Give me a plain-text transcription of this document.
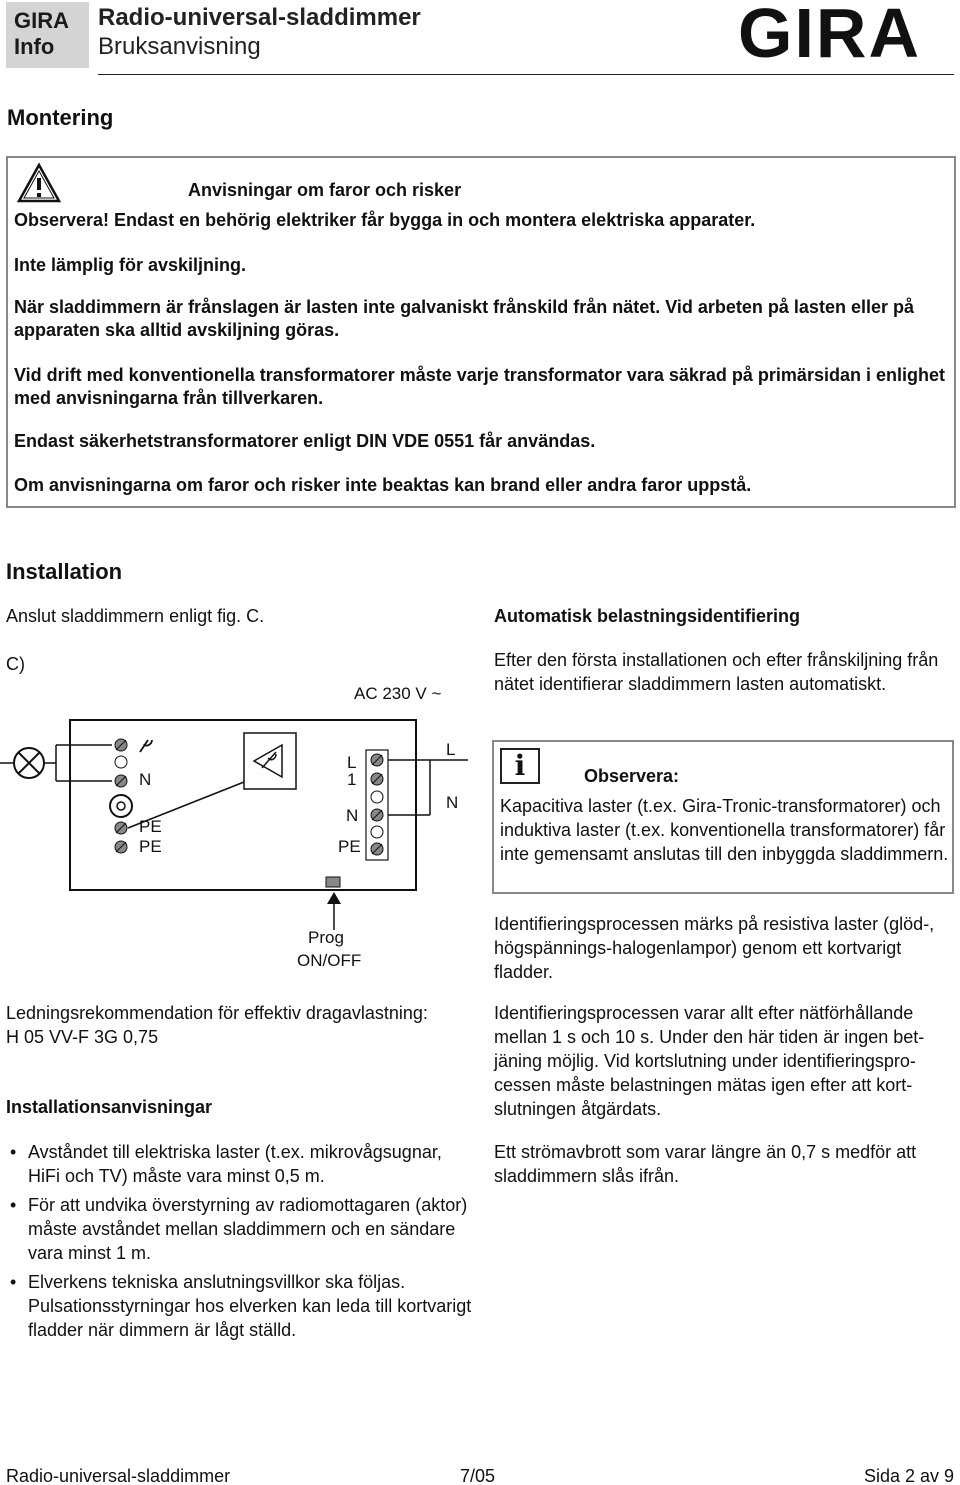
GIRA
Info
Radio-universal-sladdimmer
Bruksanvisning	GIRA
Montering
Anvisningar om faror och risker
Observera! Endast en behörig elektriker får bygga in och montera elektriska apparater.
Inte lämplig för avskiljning.
När sladdimmern är frånslagen är lasten inte galvaniskt frånskild från nätet. Vid arbeten på lasten eller på apparaten ska alltid avskiljning göras.
Vid drift med konventionella transformatorer måste varje transformator vara säkrad på primärsidan i enlighet med anvisningarna från tillverkaren.
Endast säkerhetstransformatorer enligt DIN VDE 0551 får användas.
Om anvisningarna om faror och risker inte beaktas kan brand eller andra faror uppstå.
Installation
Anslut sladdimmern enligt fig. C.
C)
AC 230 V ~
N
PE
PE
L
1
N
PE
L
N
Prog
ON/OFF
Ledningsrekommendation för effektiv dragavlastning:
H 05 VV-F 3G 0,75
Installationsanvisningar
• Avståndet till elektriska laster (t.ex. mikrovågsugnar, HiFi och TV) måste vara minst 0,5 m.
• För att undvika överstyrning av radiomottagaren (aktor) måste avståndet mellan sladdimmern och en sändare vara minst 1 m.
• Elverkens tekniska anslutningsvillkor ska följas. Pulsationsstyrningar hos elverken kan leda till kortvarigt fladder när dimmern är lågt ställd.
Automatisk belastningsidentifiering
Efter den första installationen och efter frånskiljning från nätet identifierar sladdimmern lasten automatiskt.
i	Observera:
Kapacitiva laster (t.ex. Gira-Tronic-transformatorer) och induktiva laster (t.ex. konventionella transformatorer) får inte gemensamt anslutas till den inbyggda sladdimmern.
Identifieringsprocessen märks på resistiva laster (glöd-, högspännings-halogenlampor) genom ett kortvarigt fladder.
Identifieringsprocessen varar allt efter nätförhållande mellan 1 s och 10 s. Under den här tiden är ingen betjäning möjlig. Vid kortslutning under identifieringsprocessen måste belastningen mätas igen efter att kortslutningen åtgärdats.
Ett strömavbrott som varar längre än 0,7 s medför att sladdimmern slås ifrån.
Radio-universal-sladdimmer	7/05	Sida 2 av 9
